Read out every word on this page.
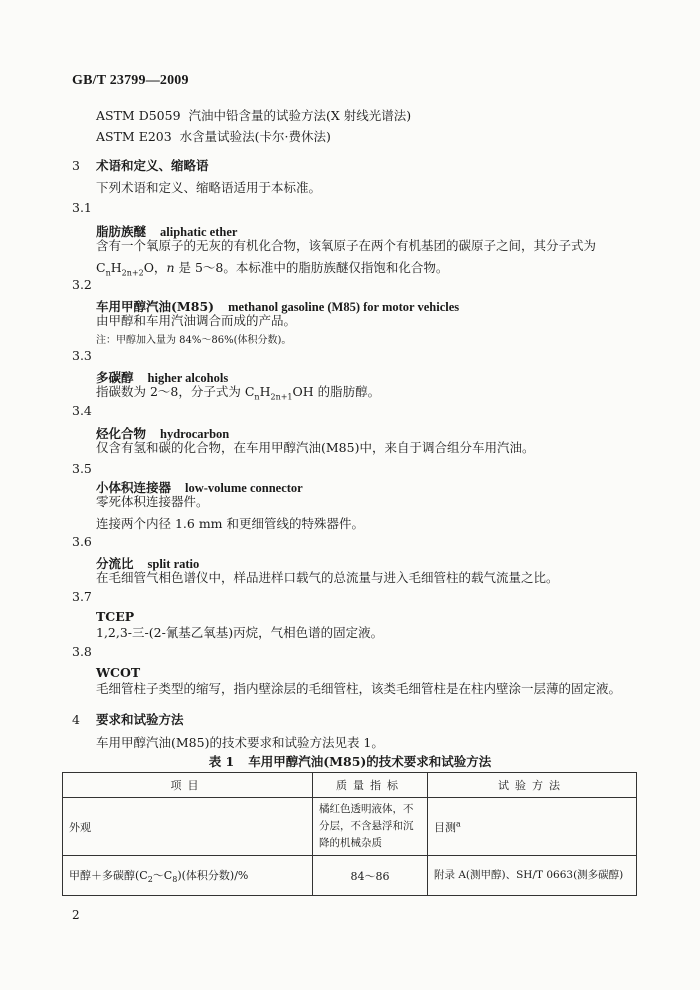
GB/T 23799—2009
ASTM D5059 汽油中铅含量的试验方法(X 射线光谱法)
ASTM E203 水含量试验法(卡尔·费休法)
3 术语和定义、缩略语
下列术语和定义、缩略语适用于本标准。
3.1
脂肪族醚 aliphatic ether
含有一个氧原子的无灰的有机化合物，该氧原子在两个有机基团的碳原子之间，其分子式为
$C_nH_{2n+2}O$，n 是 5～8。本标准中的脂肪族醚仅指饱和化合物。
3.2
车用甲醇汽油(M85) methanol gasoline (M85) for motor vehicles
由甲醇和车用汽油调合而成的产品。
注：甲醇加入量为 84%～86%(体积分数)。
3.3
多碳醇 higher alcohols
指碳数为 2～8，分子式为 $C_nH_{2n+1}OH$ 的脂肪醇。
3.4
烃化合物 hydrocarbon
仅含有氢和碳的化合物，在车用甲醇汽油(M85)中，来自于调合组分车用汽油。
3.5
小体积连接器 low-volume connector
零死体积连接器件。
连接两个内径 1.6 mm 和更细管线的特殊器件。
3.6
分流比 split ratio
在毛细管气相色谱仪中，样品进样口载气的总流量与进入毛细管柱的载气流量之比。
3.7
TCEP
1,2,3-三-(2-氰基乙氧基)丙烷，气相色谱的固定液。
3.8
WCOT
毛细管柱子类型的缩写，指内壁涂层的毛细管柱，该类毛细管柱是在柱内壁涂一层薄的固定液。
4 要求和试验方法
车用甲醇汽油(M85)的技术要求和试验方法见表 1。
表 1 车用甲醇汽油(M85)的技术要求和试验方法
项目	质量指标	试验方法
外观	橘红色透明液体，不分层，不含悬浮和沉降的机械杂质	目测$^a$
甲醇＋多碳醇$(C_2\sim C_8)$(体积分数)/%	84～86	附录 A(测甲醇)、SH/T 0663(测多碳醇)
2
